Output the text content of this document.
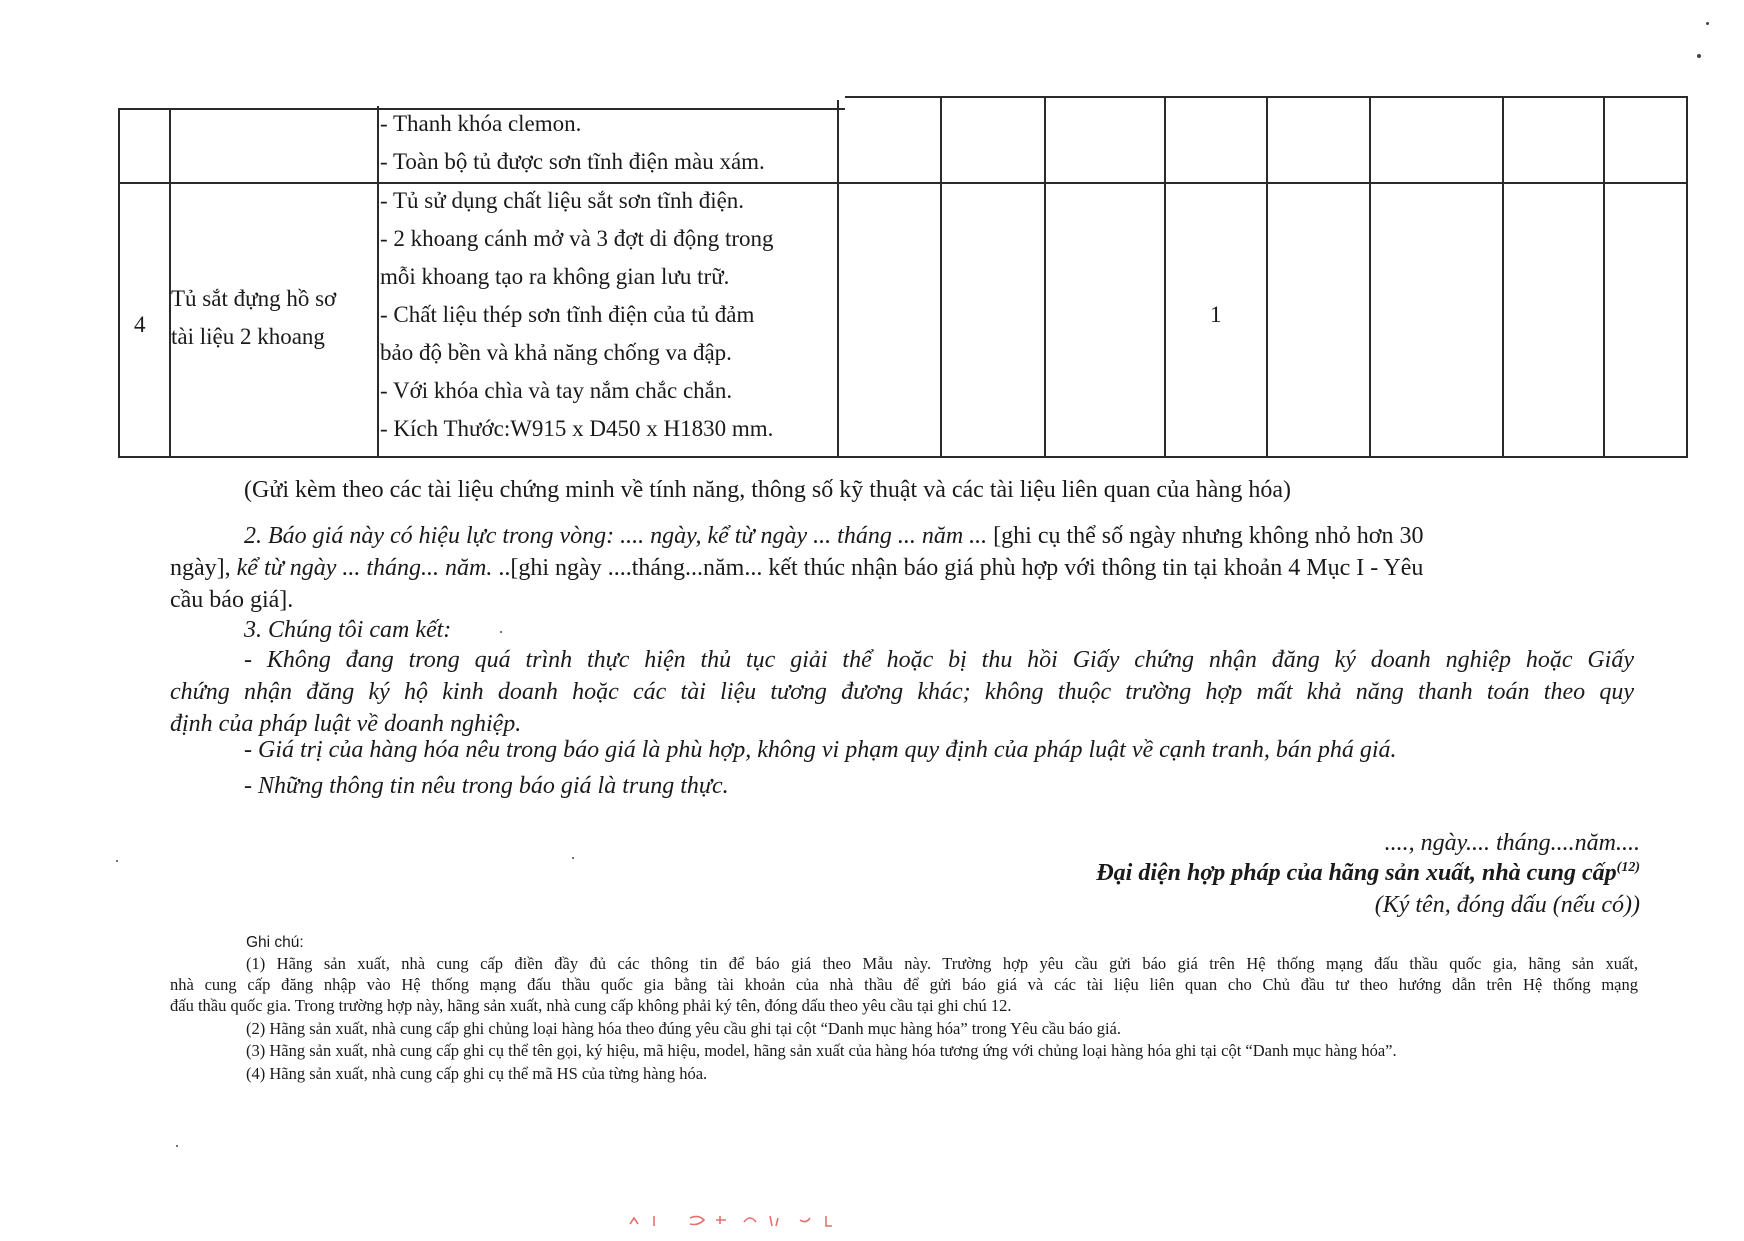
- Thanh khóa clemon.
- Toàn bộ tủ được sơn tĩnh điện màu xám.
4
Tủ sắt đựng hồ sơ
tài liệu 2 khoang
- Tủ sử dụng chất liệu sắt sơn tĩnh điện.
- 2 khoang cánh mở và 3 đợt di động trong
mỗi khoang tạo ra không gian lưu trữ.
- Chất liệu thép sơn tĩnh điện của tủ đảm
bảo độ bền và khả năng chống va đập.
- Với khóa chìa và tay nắm chắc chắn.
- Kích Thước:W915 x D450 x H1830 mm.
1
(Gửi kèm theo các tài liệu chứng minh về tính năng, thông số kỹ thuật và các tài liệu liên quan của hàng hóa)
2. Báo giá này có hiệu lực trong vòng: .... ngày, kể từ ngày ... tháng ... năm ... [ghi cụ thể số ngày nhưng không nhỏ hơn 30
ngày], kể từ ngày ... tháng... năm. ..[ghi ngày ....tháng...năm... kết thúc nhận báo giá phù hợp với thông tin tại khoản 4 Mục I - Yêu
cầu báo giá].
3. Chúng tôi cam kết:
- Không đang trong quá trình thực hiện thủ tục giải thể hoặc bị thu hồi Giấy chứng nhận đăng ký doanh nghiệp hoặc Giấy
chứng nhận đăng ký hộ kinh doanh hoặc các tài liệu tương đương khác; không thuộc trường hợp mất khả năng thanh toán theo quy
định của pháp luật về doanh nghiệp.
- Giá trị của hàng hóa nêu trong báo giá là phù hợp, không vi phạm quy định của pháp luật về cạnh tranh, bán phá giá.
- Những thông tin nêu trong báo giá là trung thực.
...., ngày.... tháng....năm....
Đại diện hợp pháp của hãng sản xuất, nhà cung cấp$^{(12)}$
(Ký tên, đóng dấu (nếu có))
Ghi chú:
(1) Hãng sản xuất, nhà cung cấp điền đầy đủ các thông tin để báo giá theo Mẫu này. Trường hợp yêu cầu gửi báo giá trên Hệ thống mạng đấu thầu quốc gia, hãng sản xuất,
nhà cung cấp đăng nhập vào Hệ thống mạng đấu thầu quốc gia bằng tài khoản của nhà thầu để gửi báo giá và các tài liệu liên quan cho Chủ đầu tư theo hướng dẫn trên Hệ thống mạng
đấu thầu quốc gia. Trong trường hợp này, hãng sản xuất, nhà cung cấp không phải ký tên, đóng dấu theo yêu cầu tại ghi chú 12.
(2) Hãng sản xuất, nhà cung cấp ghi chủng loại hàng hóa theo đúng yêu cầu ghi tại cột “Danh mục hàng hóa” trong Yêu cầu báo giá.
(3) Hãng sản xuất, nhà cung cấp ghi cụ thể tên gọi, ký hiệu, mã hiệu, model, hãng sản xuất của hàng hóa tương ứng với chủng loại hàng hóa ghi tại cột “Danh mục hàng hóa”.
(4) Hãng sản xuất, nhà cung cấp ghi cụ thể mã HS của từng hàng hóa.
